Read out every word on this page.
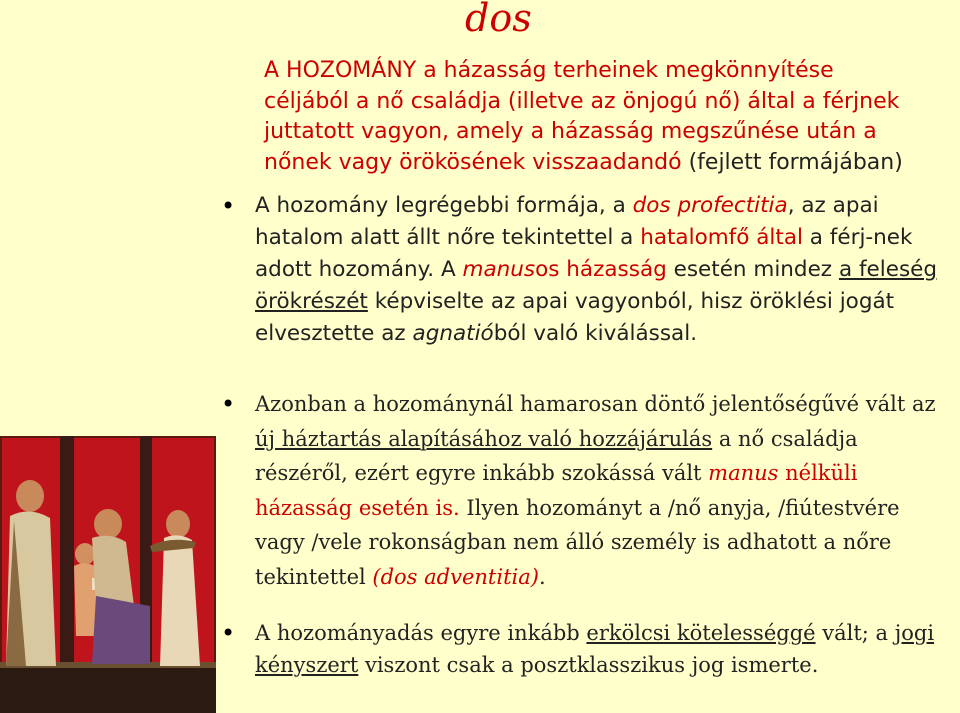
dos
A HOZOMÁNY a házasság terheinek megkönnyítése
céljából a nő családja (illetve az önjogú nő) által a férjnek
juttatott vagyon, amely a házasság megszűnése után a
nőnek vagy örökösének visszaadandó (fejlett formájában)
• A hozomány legrégebbi formája, a dos profectitia, az apai hatalom alatt állt nőre tekintettel a hatalomfő által a férj-nek adott hozomány. A manusos házasság esetén mindez a feleség örökrészét képviselte az apai vagyonból, hisz öröklési jogát elvesztette az agnatióból való kiválással.
• Azonban a hozománynál hamarosan döntő jelentőségűvé vált az új háztartás alapításához való hozzájárulás a nő családja részéről, ezért egyre inkább szokássá vált manus nélküli házasság esetén is. Ilyen hozományt a /nő anyja, /fiútestvére vagy /vele rokonságban nem álló személy is adhatott a nőre tekintettel (dos adventitia).
• A hozományadás egyre inkább erkölcsi kötelességgé vált; a jogi kényszert viszont csak a posztklasszikus jog ismerte.
